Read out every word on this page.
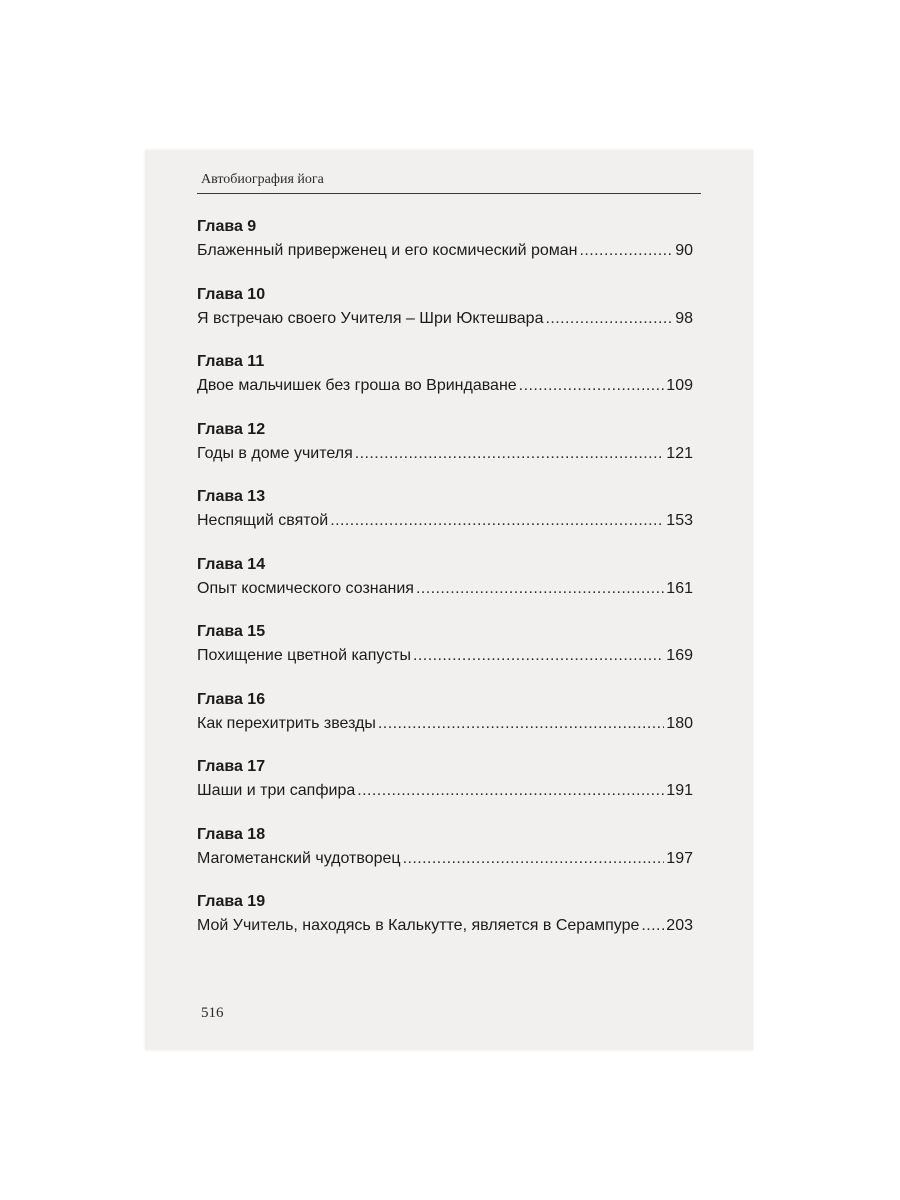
Автобиография йога
Глава 9
Блаженный приверженец и его космический роман . . .	90
Глава 10
Я встречаю своего Учителя – Шри Юктешвара . . .	98
Глава 11
Двое мальчишек без гроша во Вриндаване . . .	109
Глава 12
Годы в доме учителя . . .	121
Глава 13
Неспящий святой . . .	153
Глава 14
Опыт космического сознания . . .	161
Глава 15
Похищение цветной капусты . . .	169
Глава 16
Как перехитрить звезды . . .	180
Глава 17
Шаши и три сапфира . . .	191
Глава 18
Магометанский чудотворец . . .	197
Глава 19
Мой Учитель, находясь в Калькутте, является в Серампуре . . . 203
516
